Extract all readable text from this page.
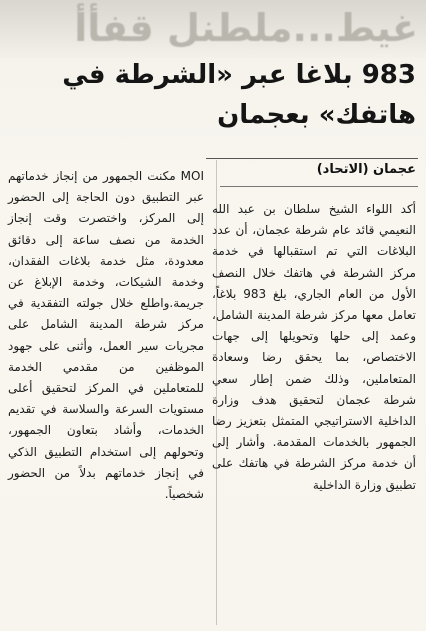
غيط...ملطنل قفأأ
983 بلاغا عبر «الشرطة في هاتفك» بعجمان
عجمان (الاتحاد)
أكد اللواء الشيخ سلطان بن عبد الله النعيمي قائد عام شرطة عجمان، أن عدد البلاغات التي تم استقبالها في خدمة مركز الشرطة في هاتفك خلال النصف الأول من العام الجاري، بلغ 983 بلاغاً، تعامل معها مركز شرطة المدينة الشامل، وعمد إلى حلها وتحويلها إلى جهات الاختصاص، بما يحقق رضا وسعادة المتعاملين، وذلك ضمن إطار سعي شرطة عجمان لتحقيق هدف وزارة الداخلية الاستراتيجي المتمثل بتعزيز رضا الجمهور بالخدمات المقدمة. وأشار إلى أن خدمة مركز الشرطة في هاتفك على تطبيق وزارة الداخلية
MOI مكنت الجمهور من إنجاز خدماتهم عبر التطبيق دون الحاجة إلى الحضور إلى المركز، واختصرت وقت إنجاز الخدمة من نصف ساعة إلى دقائق معدودة، مثل خدمة بلاغات الفقدان، وخدمة الشيكات، وخدمة الإبلاغ عن جريمة.واطلع خلال جولته التفقدية في مركز شرطة المدينة الشامل على مجريات سير العمل، وأثنى على جهود الموظفين من مقدمي الخدمة للمتعاملين في المركز لتحقيق أعلى مستويات السرعة والسلاسة في تقديم الخدمات، وأشاد بتعاون الجمهور، وتحولهم إلى استخدام التطبيق الذكي في إنجاز خدماتهم بدلاً من الحضور شخصياً.
